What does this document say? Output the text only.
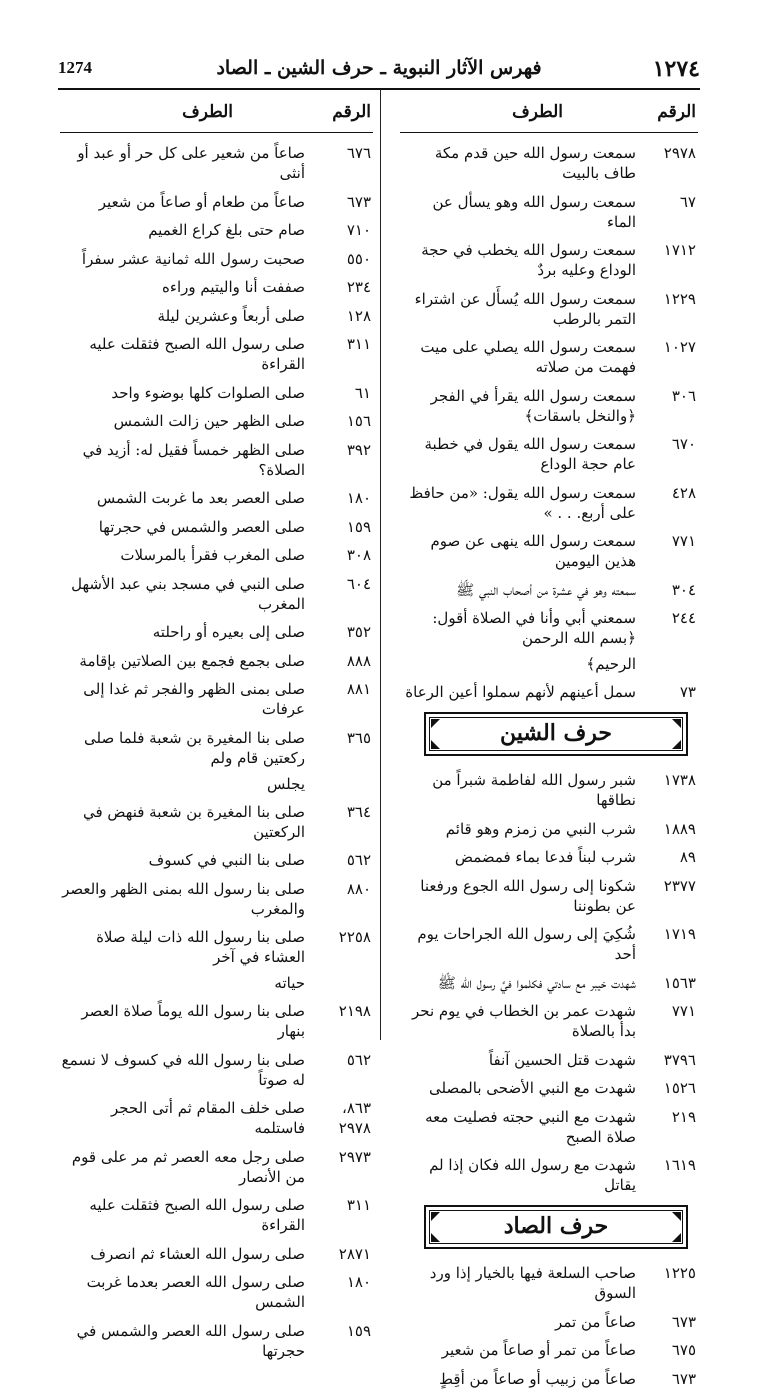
١٢٧٤
فهرس الآثار النبوية ـ حرف الشين ـ الصاد
1274
الرقم
الطرف
٢٩٧٨
سمعت رسول الله حين قدم مكة طاف بالبيت
٦٧
سمعت رسول الله وهو يسأل عن الماء
١٧١٢
سمعت رسول الله يخطب في حجة الوداع وعليه بردٌ
١٢٢٩
سمعت رسول الله يُسأَل عن اشتراء التمر بالرطب
١٠٢٧
سمعت رسول الله يصلي على ميت فهمت من صلاته
٣٠٦
سمعت رسول الله يقرأ في الفجر ﴿والنخل باسقات﴾
٦٧٠
سمعت رسول الله يقول في خطبة عام حجة الوداع
٤٢٨
سمعت رسول الله يقول: «من حافظ على أربع. . . »
٧٧١
سمعت رسول الله ينهى عن صوم هذين اليومين
٣٠٤
سمعته وهو في عشرة من أصحاب النبي ﷺ
٢٤٤
سمعني أبي وأنا في الصلاة أقول: ﴿بسم الله الرحمن
الرحيم﴾
٧٣
سمل أعينهم لأنهم سملوا أعين الرعاة
حرف الشين
١٧٣٨
شبر رسول الله لفاطمة شبراً من نطاقها
١٨٨٩
شرب النبي من زمزم وهو قائم
٨٩
شرب لبناً فدعا بماء فمضمض
٢٣٧٧
شكونا إلى رسول الله الجوع ورفعنا عن بطوننا
١٧١٩
شُكِيَ إلى رسول الله الجراحات يوم أحد
١٥٦٣
شهدت خيبر مع سادتي فكلموا فيَّ رسول الله ﷺ
٧٧١
شهدت عمر بن الخطاب في يوم نحر بدأ بالصلاة
٣٧٩٦
شهدت قتل الحسين آنفاً
١٥٢٦
شهدت مع النبي الأضحى بالمصلى
٢١٩
شهدت مع النبي حجته فصليت معه صلاة الصبح
١٦١٩
شهدت مع رسول الله فكان إذا لم يقاتل
حرف الصاد
١٢٢٥
صاحب السلعة فيها بالخيار إذا ورد السوق
٦٧٣
صاعاً من تمر
٦٧٥
صاعاً من تمر أو صاعاً من شعير
٦٧٣
صاعاً من زبيب أو صاعاً من أقِطٍ
الرقم
الطرف
٦٧٦
صاعاً من شعير على كل حر أو عبد أو أنثى
٦٧٣
صاعاً من طعام أو صاعاً من شعير
٧١٠
صام حتى بلغ كراع الغميم
٥٥٠
صحبت رسول الله ثمانية عشر سفراً
٢٣٤
صففت أنا واليتيم وراءه
١٢٨
صلى أربعاً وعشرين ليلة
٣١١
صلى رسول الله الصبح فثقلت عليه القراءة
٦١
صلى الصلوات كلها بوضوء واحد
١٥٦
صلى الظهر حين زالت الشمس
٣٩٢
صلى الظهر خمساً فقيل له: أزيد في الصلاة؟
١٨٠
صلى العصر بعد ما غربت الشمس
١٥٩
صلى العصر والشمس في حجرتها
٣٠٨
صلى المغرب فقرأ بالمرسلات
٦٠٤
صلى النبي في مسجد بني عبد الأشهل المغرب
٣٥٢
صلى إلى بعيره أو راحلته
٨٨٨
صلى بجمع فجمع بين الصلاتين بإقامة
٨٨١
صلى بمنى الظهر والفجر ثم غدا إلى عرفات
٣٦٥
صلى بنا المغيرة بن شعبة فلما صلى ركعتين قام ولم
يجلس
٣٦٤
صلى بنا المغيرة بن شعبة فنهض في الركعتين
٥٦٢
صلى بنا النبي في كسوف
٨٨٠
صلى بنا رسول الله بمنى الظهر والعصر والمغرب
٢٢٥٨
صلى بنا رسول الله ذات ليلة صلاة العشاء في آخر
حياته
٢١٩٨
صلى بنا رسول الله يوماً صلاة العصر بنهار
٥٦٢
صلى بنا رسول الله في كسوف لا نسمع له صوتاً
٨٦٣، ٢٩٧٨
صلى خلف المقام ثم أتى الحجر فاستلمه
٢٩٧٣
صلى رجل معه العصر ثم مر على قوم من الأنصار
٣١١
صلى رسول الله الصبح فثقلت عليه القراءة
٢٨٧١
صلى رسول الله العشاء ثم انصرف
١٨٠
صلى رسول الله العصر بعدما غربت الشمس
١٥٩
صلى رسول الله العصر والشمس في حجرتها
